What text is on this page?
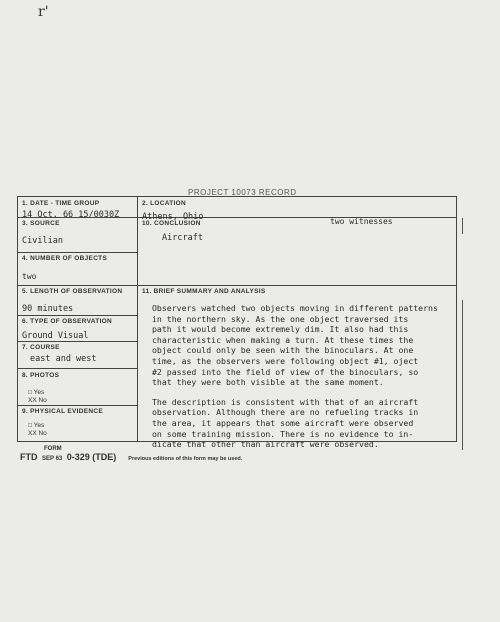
r'
PROJECT 10073 RECORD
1. DATE - TIME GROUP
14 Oct. 66 15/0030Z
2. LOCATION
Athens, Ohio	two witnesses
3. SOURCE
Civilian
10. CONCLUSION
Aircraft
4. NUMBER OF OBJECTS
two
5. LENGTH OF OBSERVATION
90 minutes
6. TYPE OF OBSERVATION
Ground Visual
7. COURSE
east and west
8. PHOTOS
□ Yes
XX No
9. PHYSICAL EVIDENCE
□ Yes
XX No
11. BRIEF SUMMARY AND ANALYSIS
Observers watched two objects moving in different patterns
in the northern sky. As the one object traversed its
path it would become extremely dim. It also had this
characteristic when making a turn. At these times the
object could only be seen with the binoculars. At one
time, as the observers were following object #1, oject
#2 passed into the field of view of the binoculars, so
that they were both visible at the same moment.

The description is consistent with that of an aircraft
observation. Although there are no refueling tracks in
the area, it appears that some aircraft were observed
on some training mission. There is no evidence to in-
dicate that other than aircraft were observed.
FORM
FTD SEP 63 0-329 (TDE) Previous editions of this form may be used.
